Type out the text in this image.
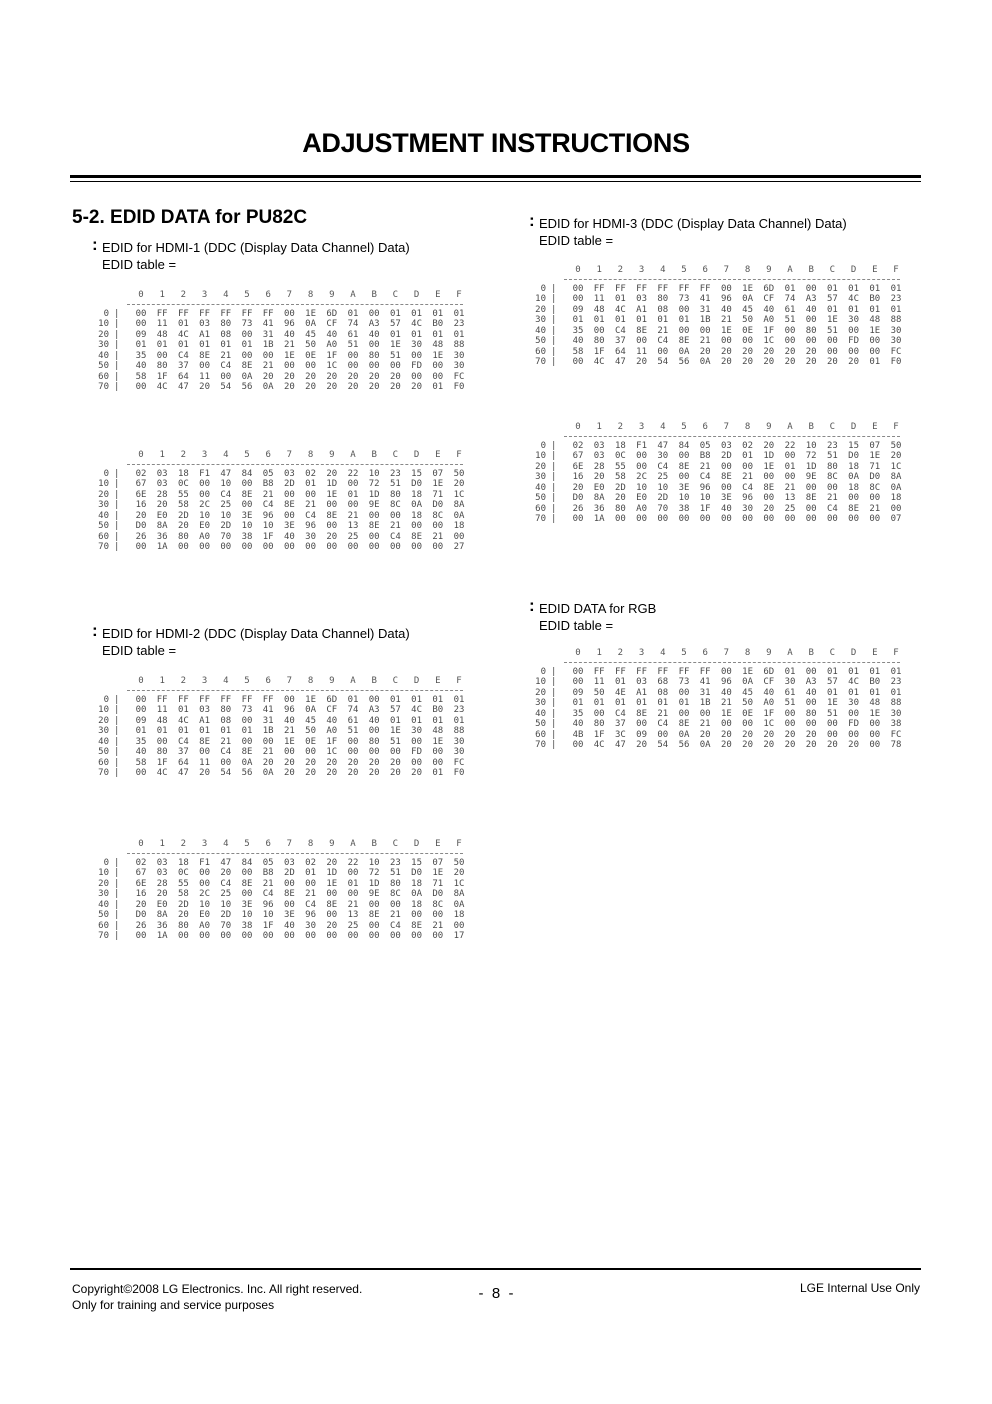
ADJUSTMENT INSTRUCTIONS
5-2. EDID DATA for PU82C
: EDID for HDMI-1 (DDC (Display Data Channel) Data)
EDID table =
0	1	2	3	4	5	6	7	8	9	A	B	C	D	E	F
0 |	00	FF	FF	FF	FF	FF	FF	00	1E	6D	01	00	01	01	01	01
10 |	00	11	01	03	80	73	41	96	0A	CF	74	A3	57	4C	B0	23
20 |	09	48	4C	A1	08	00	31	40	45	40	61	40	01	01	01	01
30 |	01	01	01	01	01	01	1B	21	50	A0	51	00	1E	30	48	88
40 |	35	00	C4	8E	21	00	00	1E	0E	1F	00	80	51	00	1E	30
50 |	40	80	37	00	C4	8E	21	00	00	1C	00	00	00	FD	00	30
60 |	58	1F	64	11	00	0A	20	20	20	20	20	20	20	00	00	FC
70 |	00	4C	47	20	54	56	0A	20	20	20	20	20	20	20	01	F0
0	1	2	3	4	5	6	7	8	9	A	B	C	D	E	F
0 |	02	03	18	F1	47	84	05	03	02	20	22	10	23	15	07	50
10 |	67	03	0C	00	10	00	B8	2D	01	1D	00	72	51	D0	1E	20
20 |	6E	28	55	00	C4	8E	21	00	00	1E	01	1D	80	18	71	1C
30 |	16	20	58	2C	25	00	C4	8E	21	00	00	9E	8C	0A	D0	8A
40 |	20	E0	2D	10	10	3E	96	00	C4	8E	21	00	00	18	8C	0A
50 |	D0	8A	20	E0	2D	10	10	3E	96	00	13	8E	21	00	00	18
60 |	26	36	80	A0	70	38	1F	40	30	20	25	00	C4	8E	21	00
70 |	00	1A	00	00	00	00	00	00	00	00	00	00	00	00	00	27
: EDID for HDMI-2 (DDC (Display Data Channel) Data)
EDID table =
0	1	2	3	4	5	6	7	8	9	A	B	C	D	E	F
0 |	00	FF	FF	FF	FF	FF	FF	00	1E	6D	01	00	01	01	01	01
10 |	00	11	01	03	80	73	41	96	0A	CF	74	A3	57	4C	B0	23
20 |	09	48	4C	A1	08	00	31	40	45	40	61	40	01	01	01	01
30 |	01	01	01	01	01	01	1B	21	50	A0	51	00	1E	30	48	88
40 |	35	00	C4	8E	21	00	00	1E	0E	1F	00	80	51	00	1E	30
50 |	40	80	37	00	C4	8E	21	00	00	1C	00	00	00	FD	00	30
60 |	58	1F	64	11	00	0A	20	20	20	20	20	20	20	00	00	FC
70 |	00	4C	47	20	54	56	0A	20	20	20	20	20	20	20	01	F0
0	1	2	3	4	5	6	7	8	9	A	B	C	D	E	F
0 |	02	03	18	F1	47	84	05	03	02	20	22	10	23	15	07	50
10 |	67	03	0C	00	20	00	B8	2D	01	1D	00	72	51	D0	1E	20
20 |	6E	28	55	00	C4	8E	21	00	00	1E	01	1D	80	18	71	1C
30 |	16	20	58	2C	25	00	C4	8E	21	00	00	9E	8C	0A	D0	8A
40 |	20	E0	2D	10	10	3E	96	00	C4	8E	21	00	00	18	8C	0A
50 |	D0	8A	20	E0	2D	10	10	3E	96	00	13	8E	21	00	00	18
60 |	26	36	80	A0	70	38	1F	40	30	20	25	00	C4	8E	21	00
70 |	00	1A	00	00	00	00	00	00	00	00	00	00	00	00	00	17
: EDID for HDMI-3 (DDC (Display Data Channel) Data)
EDID table =
0	1	2	3	4	5	6	7	8	9	A	B	C	D	E	F
0 |	00	FF	FF	FF	FF	FF	FF	00	1E	6D	01	00	01	01	01	01
10 |	00	11	01	03	80	73	41	96	0A	CF	74	A3	57	4C	B0	23
20 |	09	48	4C	A1	08	00	31	40	45	40	61	40	01	01	01	01
30 |	01	01	01	01	01	01	1B	21	50	A0	51	00	1E	30	48	88
40 |	35	00	C4	8E	21	00	00	1E	0E	1F	00	80	51	00	1E	30
50 |	40	80	37	00	C4	8E	21	00	00	1C	00	00	00	FD	00	30
60 |	58	1F	64	11	00	0A	20	20	20	20	20	20	00	00	00	FC
70 |	00	4C	47	20	54	56	0A	20	20	20	20	20	20	20	01	F0
0	1	2	3	4	5	6	7	8	9	A	B	C	D	E	F
0 |	02	03	18	F1	47	84	05	03	02	20	22	10	23	15	07	50
10 |	67	03	0C	00	30	00	B8	2D	01	1D	00	72	51	D0	1E	20
20 |	6E	28	55	00	C4	8E	21	00	00	1E	01	1D	80	18	71	1C
30 |	16	20	58	2C	25	00	C4	8E	21	00	00	9E	8C	0A	D0	8A
40 |	20	E0	2D	10	10	3E	96	00	C4	8E	21	00	00	18	8C	0A
50 |	D0	8A	20	E0	2D	10	10	3E	96	00	13	8E	21	00	00	18
60 |	26	36	80	A0	70	38	1F	40	30	20	25	00	C4	8E	21	00
70 |	00	1A	00	00	00	00	00	00	00	00	00	00	00	00	00	07
: EDID DATA for RGB
EDID table =
0	1	2	3	4	5	6	7	8	9	A	B	C	D	E	F
0 |	00	FF	FF	FF	FF	FF	FF	00	1E	6D	01	00	01	01	01	01
10 |	00	11	01	03	68	73	41	96	0A	CF	30	A3	57	4C	B0	23
20 |	09	50	4E	A1	08	00	31	40	45	40	61	40	01	01	01	01
30 |	01	01	01	01	01	01	1B	21	50	A0	51	00	1E	30	48	88
40 |	35	00	C4	8E	21	00	00	1E	0E	1F	00	80	51	00	1E	30
50 |	40	80	37	00	C4	8E	21	00	00	1C	00	00	00	FD	00	38
60 |	4B	1F	3C	09	00	0A	20	20	20	20	20	20	00	00	00	FC
70 |	00	4C	47	20	54	56	0A	20	20	20	20	20	20	20	00	78
Copyright©2008 LG Electronics. Inc. All right reserved.
Only for training and service purposes
-  8  -	LGE Internal Use Only
